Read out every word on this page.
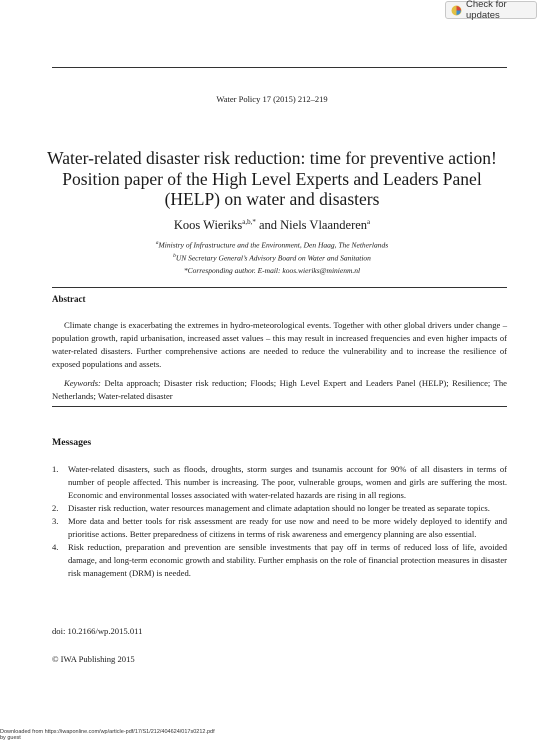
Check for updates
Water Policy 17 (2015) 212–219
Water-related disaster risk reduction: time for preventive action!
Position paper of the High Level Experts and Leaders Panel
(HELP) on water and disasters
Koos Wieriks$^{a,b,*}$ and Niels Vlaanderen$^a$
$^a$Ministry of Infrastructure and the Environment, Den Haag, The Netherlands
$^b$UN Secretary General’s Advisory Board on Water and Sanitation
*Corresponding author. E-mail: koos.wieriks@minienm.nl
Abstract
Climate change is exacerbating the extremes in hydro-meteorological events. Together with other global drivers under change – population growth, rapid urbanisation, increased asset values – this may result in increased frequencies and even higher impacts of water-related disasters. Further comprehensive actions are needed to reduce the vulnerability and to increase the resilience of exposed populations and assets.
Keywords: Delta approach; Disaster risk reduction; Floods; High Level Expert and Leaders Panel (HELP); Resilience; The Netherlands; Water-related disaster
Messages
1. Water-related disasters, such as floods, droughts, storm surges and tsunamis account for 90% of all disasters in terms of number of people affected. This number is increasing. The poor, vulnerable groups, women and girls are suffering the most. Economic and environmental losses associated with water-related hazards are rising in all regions.
2. Disaster risk reduction, water resources management and climate adaptation should no longer be treated as separate topics.
3. More data and better tools for risk assessment are ready for use now and need to be more widely deployed to identify and prioritise actions. Better preparedness of citizens in terms of risk awareness and emergency planning are also essential.
4. Risk reduction, preparation and prevention are sensible investments that pay off in terms of reduced loss of life, avoided damage, and long-term economic growth and stability. Further emphasis on the role of financial protection measures in disaster risk management (DRM) is needed.
doi: 10.2166/wp.2015.011
© IWA Publishing 2015
Downloaded from https://iwaponline.com/wp/article-pdf/17/S1/212/404624/017s0212.pdf
by guest
